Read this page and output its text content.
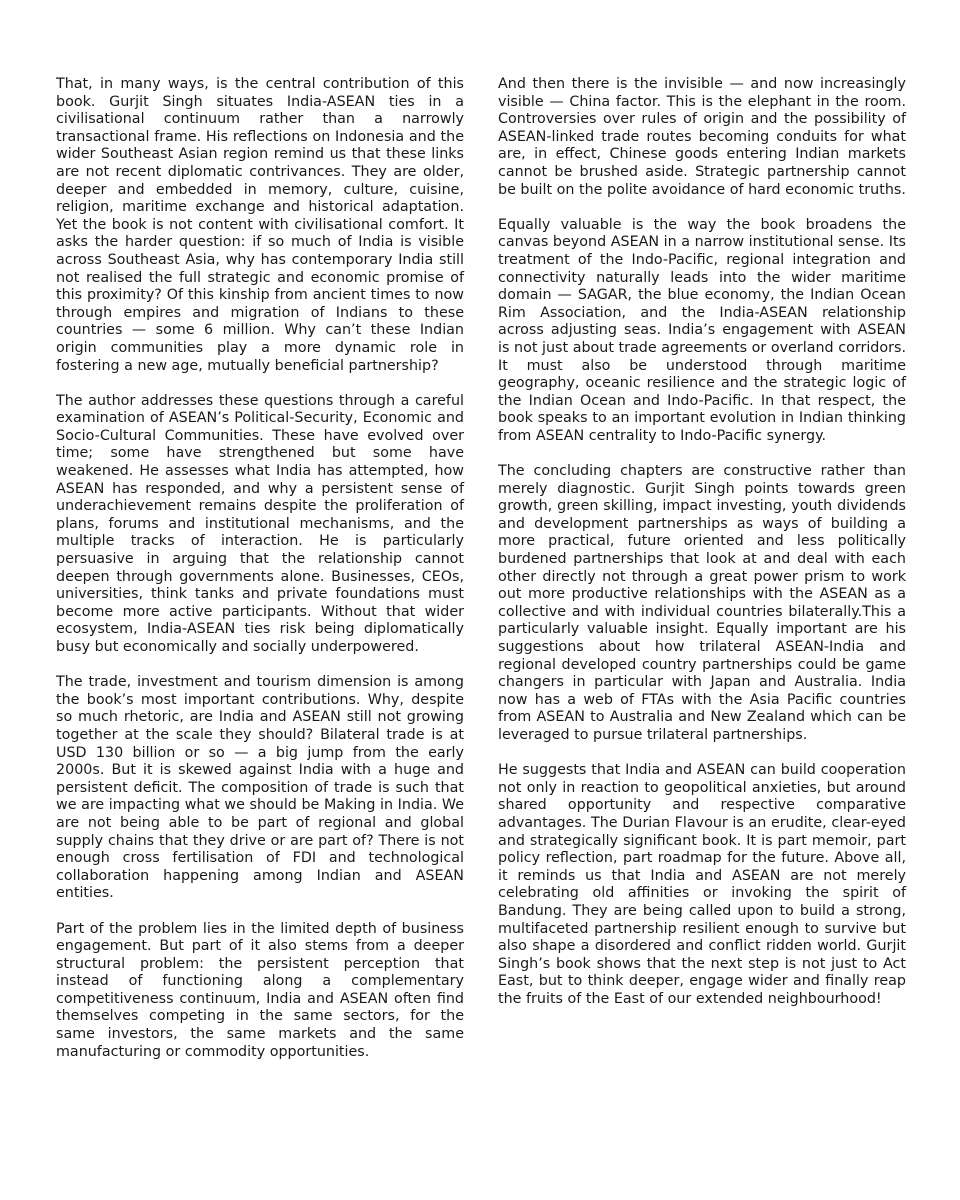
That, in many ways, is the central contribution of this book. Gurjit Singh situates India-ASEAN ties in a civilisational continuum rather than a narrowly transactional frame. His reflections on Indonesia and the wider Southeast Asian region remind us that these links are not recent diplomatic contrivances. They are older, deeper and embedded in memory, culture, cuisine, religion, maritime exchange and historical adaptation. Yet the book is not content with civilisational comfort. It asks the harder question: if so much of India is visible across Southeast Asia, why has contemporary India still not realised the full strategic and economic promise of this proximity? Of this kinship from ancient times to now through empires and migration of Indians to these countries — some 6 million. Why can’t these Indian origin communities play a more dynamic role in fostering a new age, mutually beneficial partnership?

The author addresses these questions through a careful examination of ASEAN’s Political-Security, Economic and Socio-Cultural Communities. These have evolved over time; some have strengthened but some have weakened. He assesses what India has attempted, how ASEAN has responded, and why a persistent sense of underachievement remains despite the proliferation of plans, forums and institutional mechanisms, and the multiple tracks of interaction. He is particularly persuasive in arguing that the relationship cannot deepen through governments alone. Businesses, CEOs, universities, think tanks and private foundations must become more active participants. Without that wider ecosystem, India-ASEAN ties risk being diplomatically busy but economically and socially underpowered.

The trade, investment and tourism dimension is among the book’s most important contributions. Why, despite so much rhetoric, are India and ASEAN still not growing together at the scale they should? Bilateral trade is at USD 130 billion or so — a big jump from the early 2000s. But it is skewed against India with a huge and persistent deficit. The composition of trade is such that we are impacting what we should be Making in India. We are not being able to be part of regional and global supply chains that they drive or are part of? There is not enough cross fertilisation of FDI and technological collaboration happening among Indian and ASEAN entities.

Part of the problem lies in the limited depth of business engagement. But part of it also stems from a deeper structural problem: the persistent perception that instead of functioning along a complementary competitiveness continuum, India and ASEAN often find themselves competing in the same sectors, for the same investors, the same markets and the same manufacturing or commodity opportunities.

And then there is the invisible — and now increasingly visible — China factor. This is the elephant in the room. Controversies over rules of origin and the possibility of ASEAN-linked trade routes becoming conduits for what are, in effect, Chinese goods entering Indian markets cannot be brushed aside. Strategic partnership cannot be built on the polite avoidance of hard economic truths.

Equally valuable is the way the book broadens the canvas beyond ASEAN in a narrow institutional sense. Its treatment of the Indo-Pacific, regional integration and connectivity naturally leads into the wider maritime domain — SAGAR, the blue economy, the Indian Ocean Rim Association, and the India-ASEAN relationship across adjusting seas. India’s engagement with ASEAN is not just about trade agreements or overland corridors. It must also be understood through maritime geography, oceanic resilience and the strategic logic of the Indian Ocean and Indo-Pacific. In that respect, the book speaks to an important evolution in Indian thinking from ASEAN centrality to Indo-Pacific synergy.

The concluding chapters are constructive rather than merely diagnostic. Gurjit Singh points towards green growth, green skilling, impact investing, youth dividends and development partnerships as ways of building a more practical, future oriented and less politically burdened partnerships that look at and deal with each other directly not through a great power prism to work out more productive relationships with the ASEAN as a collective and with individual countries bilaterally.This a particularly valuable insight. Equally important are his suggestions about how trilateral ASEAN-India and regional developed country partnerships could be game changers in particular with Japan and Australia. India now has a web of FTAs with the Asia Pacific countries from ASEAN to Australia and New Zealand which can be leveraged to pursue trilateral partnerships.

He suggests that India and ASEAN can build cooperation not only in reaction to geopolitical anxieties, but around shared opportunity and respective comparative advantages. The Durian Flavour is an erudite, clear-eyed and strategically significant book. It is part memoir, part policy reflection, part roadmap for the future. Above all, it reminds us that India and ASEAN are not merely celebrating old affinities or invoking the spirit of Bandung. They are being called upon to build a strong, multifaceted partnership resilient enough to survive but also shape a disordered and conflict ridden world. Gurjit Singh’s book shows that the next step is not just to Act East, but to think deeper, engage wider and finally reap the fruits of the East of our extended neighbourhood!
